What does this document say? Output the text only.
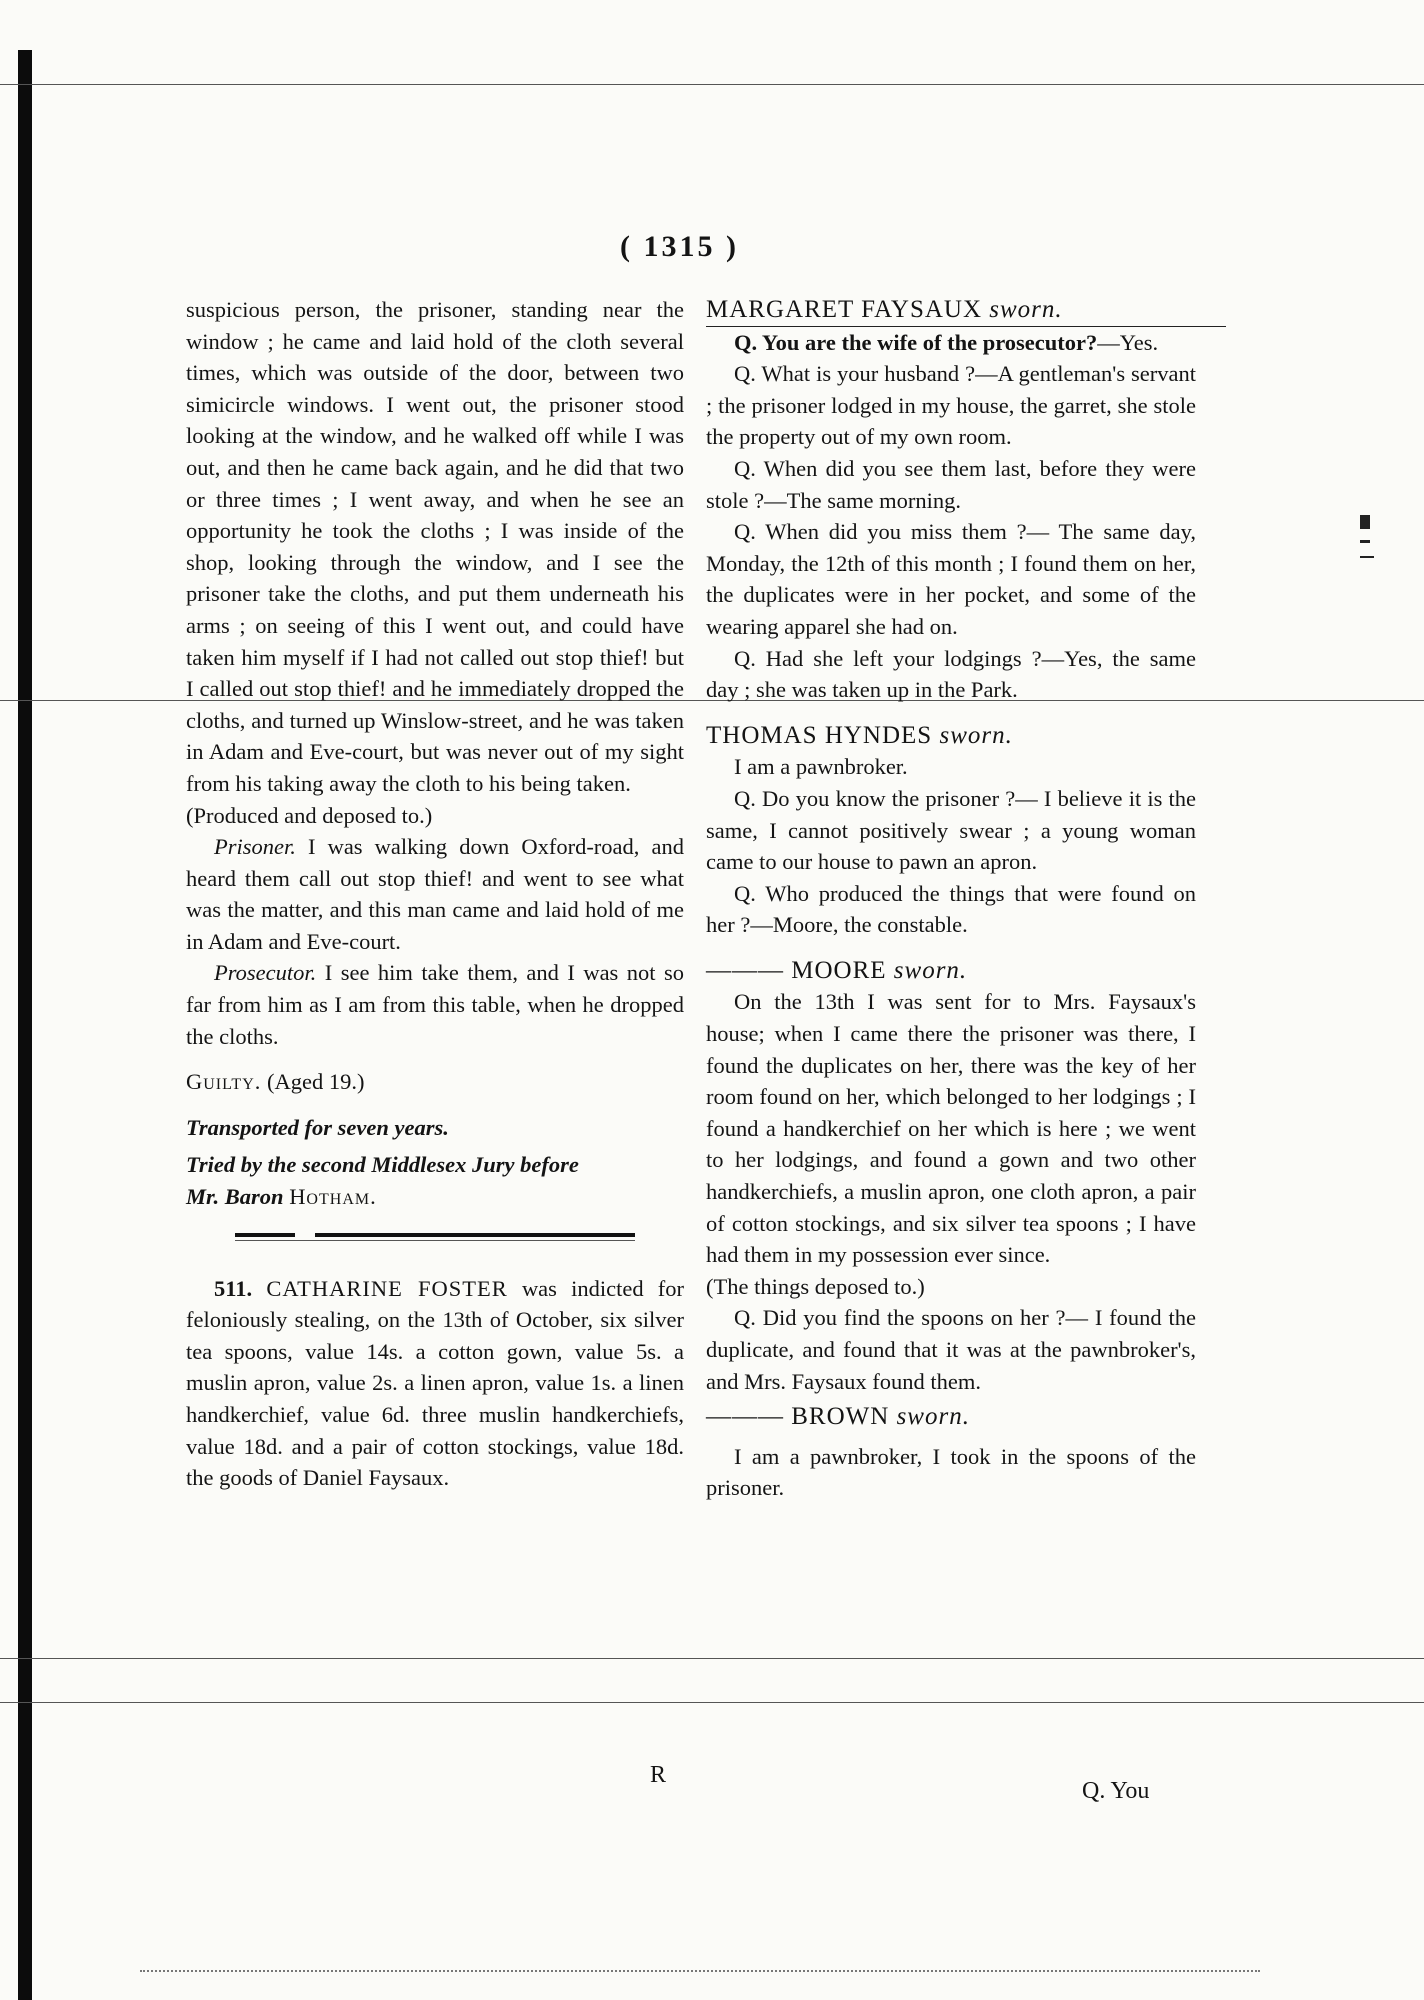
( 1315 )

suspicious person, the prisoner, standing near the window ; he came and laid hold of the cloth several times, which was outside of the door, between two simicircle windows. I went out, the prisoner stood looking at the window, and he walked off while I was out, and then he came back again, and he did that two or three times ; I went away, and when he see an opportunity he took the cloths ; I was inside of the shop, looking through the window, and I see the prisoner take the cloths, and put them underneath his arms ; on seeing of this I went out, and could have taken him myself if I had not called out stop thief! but I called out stop thief! and he immediately dropped the cloths, and turned up Winslow-street, and he was taken in Adam and Eve-court, but was never out of my sight from his taking away the cloth to his being taken.

(Produced and deposed to.)

Prisoner. I was walking down Oxford-road, and heard them call out stop thief! and went to see what was the matter, and this man came and laid hold of me in Adam and Eve-court.

Prosecutor. I see him take them, and I was not so far from him as I am from this table, when he dropped the cloths.

Guilty. (Aged 19.)

Transported for seven years.

Tried by the second Middlesex Jury before

Mr. Baron Hotham.

511. CATHARINE FOSTER was indicted for feloniously stealing, on the 13th of October, six silver tea spoons, value 14s. a cotton gown, value 5s. a muslin apron, value 2s. a linen apron, value 1s. a linen handkerchief, value 6d. three muslin handkerchiefs, value 18d. and a pair of cotton stockings, value 18d. the goods of Daniel Faysaux.

R

MARGARET FAYSAUX sworn.

Q. You are the wife of the prosecutor?—Yes.

Q. What is your husband ?—A gentleman's servant ; the prisoner lodged in my house, the garret, she stole the property out of my own room.

Q. When did you see them last, before they were stole ?—The same morning.

Q. When did you miss them ?— The same day, Monday, the 12th of this month ; I found them on her, the duplicates were in her pocket, and some of the wearing apparel she had on.

Q. Had she left your lodgings ?—Yes, the same day ; she was taken up in the Park.

THOMAS HYNDES sworn.

I am a pawnbroker.

Q. Do you know the prisoner ?— I believe it is the same, I cannot positively swear ; a young woman came to our house to pawn an apron.

Q. Who produced the things that were found on her ?—Moore, the constable.

——— MOORE sworn.

On the 13th I was sent for to Mrs. Faysaux's house; when I came there the prisoner was there, I found the duplicates on her, there was the key of her room found on her, which belonged to her lodgings ; I found a handkerchief on her which is here ; we went to her lodgings, and found a gown and two other handkerchiefs, a muslin apron, one cloth apron, a pair of cotton stockings, and six silver tea spoons ; I have had them in my possession ever since.

(The things deposed to.)

Q. Did you find the spoons on her ?— I found the duplicate, and found that it was at the pawnbroker's, and Mrs. Faysaux found them.

——— BROWN sworn.

I am a pawnbroker, I took in the spoons of the prisoner.

Q. You
